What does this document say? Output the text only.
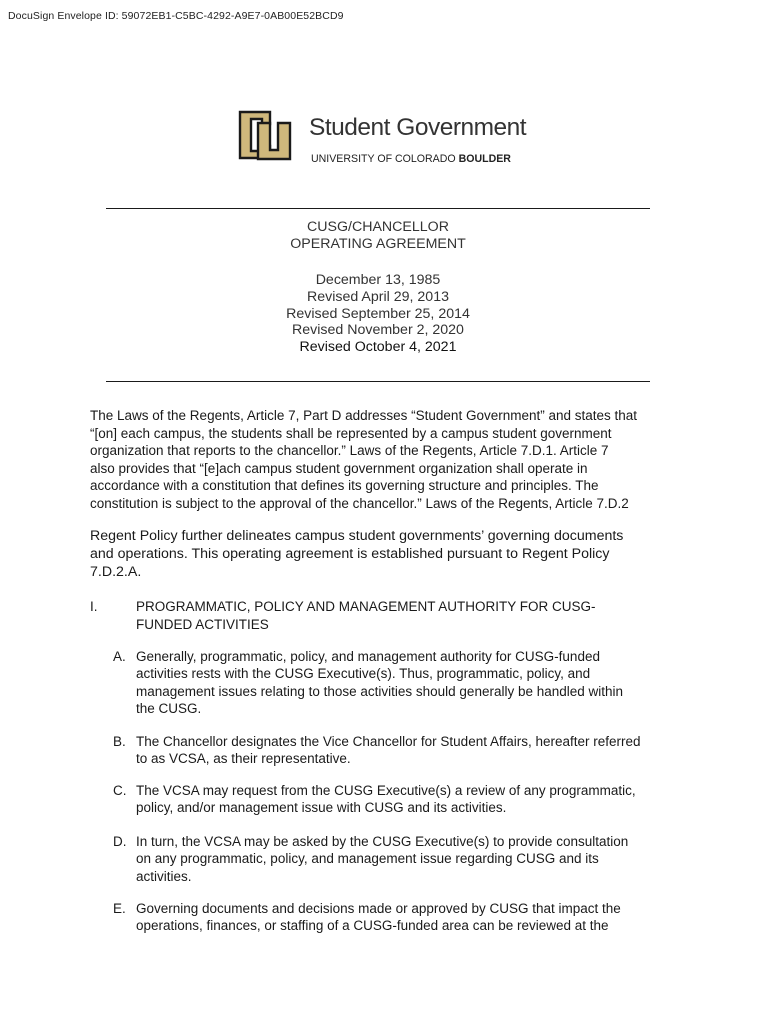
DocuSign Envelope ID: 59072EB1-C5BC-4292-A9E7-0AB00E52BCD9
Student Government
UNIVERSITY OF COLORADO BOULDER
CUSG/CHANCELLOR
OPERATING AGREEMENT
December 13, 1985
Revised April 29, 2013
Revised September 25, 2014
Revised November 2, 2020
Revised October 4, 2021
The Laws of the Regents, Article 7, Part D addresses “Student Government” and states that
“[on] each campus, the students shall be represented by a campus student government
organization that reports to the chancellor.” Laws of the Regents, Article 7.D.1. Article 7
also provides that “[e]ach campus student government organization shall operate in
accordance with a constitution that defines its governing structure and principles. The
constitution is subject to the approval of the chancellor.” Laws of the Regents, Article 7.D.2
Regent Policy further delineates campus student governments’ governing documents
and operations. This operating agreement is established pursuant to Regent Policy
7.D.2.A.
I.	PROGRAMMATIC, POLICY AND MANAGEMENT AUTHORITY FOR CUSG-
FUNDED ACTIVITIES
A. Generally, programmatic, policy, and management authority for CUSG-funded
activities rests with the CUSG Executive(s). Thus, programmatic, policy, and
management issues relating to those activities should generally be handled within
the CUSG.
B. The Chancellor designates the Vice Chancellor for Student Affairs, hereafter referred
to as VCSA, as their representative.
C. The VCSA may request from the CUSG Executive(s) a review of any programmatic,
policy, and/or management issue with CUSG and its activities.
D. In turn, the VCSA may be asked by the CUSG Executive(s) to provide consultation
on any programmatic, policy, and management issue regarding CUSG and its
activities.
E. Governing documents and decisions made or approved by CUSG that impact the
operations, finances, or staffing of a CUSG-funded area can be reviewed at the
